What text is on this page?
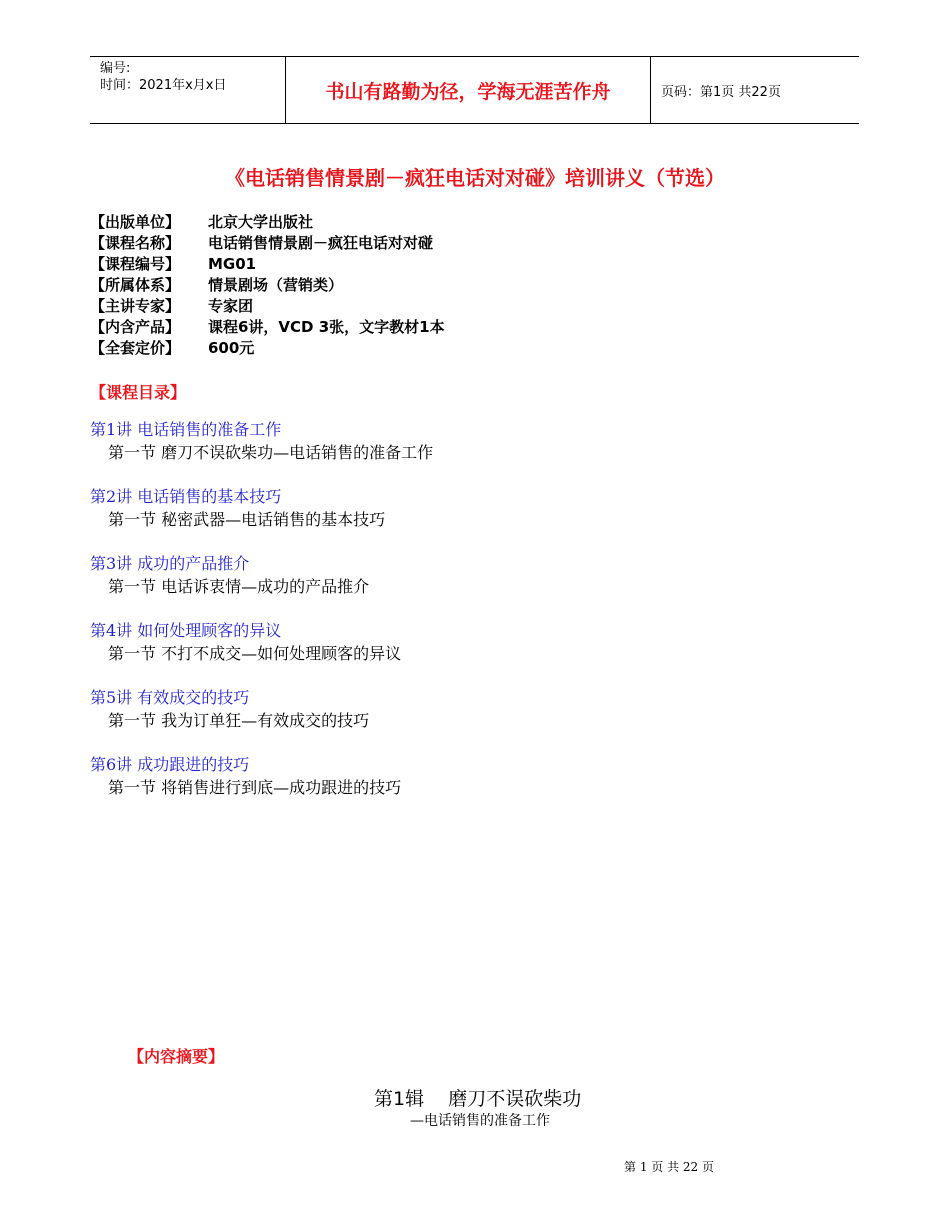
编号:
时间：2021年x月x日	书山有路勤为径，学海无涯苦作舟	页码：第1页 共22页
《电话销售情景剧－疯狂电话对对碰》培训讲义（节选）
【出版单位】 北京大学出版社
【课程名称】 电话销售情景剧－疯狂电话对对碰
【课程编号】 MG01
【所属体系】 情景剧场（营销类）
【主讲专家】 专家团
【内含产品】 课程6讲，VCD 3张，文字教材1本
【全套定价】 600元
【课程目录】
第1讲 电话销售的准备工作
第一节 磨刀不误砍柴功—电话销售的准备工作
第2讲 电话销售的基本技巧
第一节 秘密武器—电话销售的基本技巧
第3讲 成功的产品推介
第一节 电话诉衷情—成功的产品推介
第4讲 如何处理顾客的异议
第一节 不打不成交—如何处理顾客的异议
第5讲 有效成交的技巧
第一节 我为订单狂—有效成交的技巧
第6讲 成功跟进的技巧
第一节 将销售进行到底—成功跟进的技巧
【内容摘要】
第1辑    磨刀不误砍柴功
—电话销售的准备工作
第 1 页 共 22 页
